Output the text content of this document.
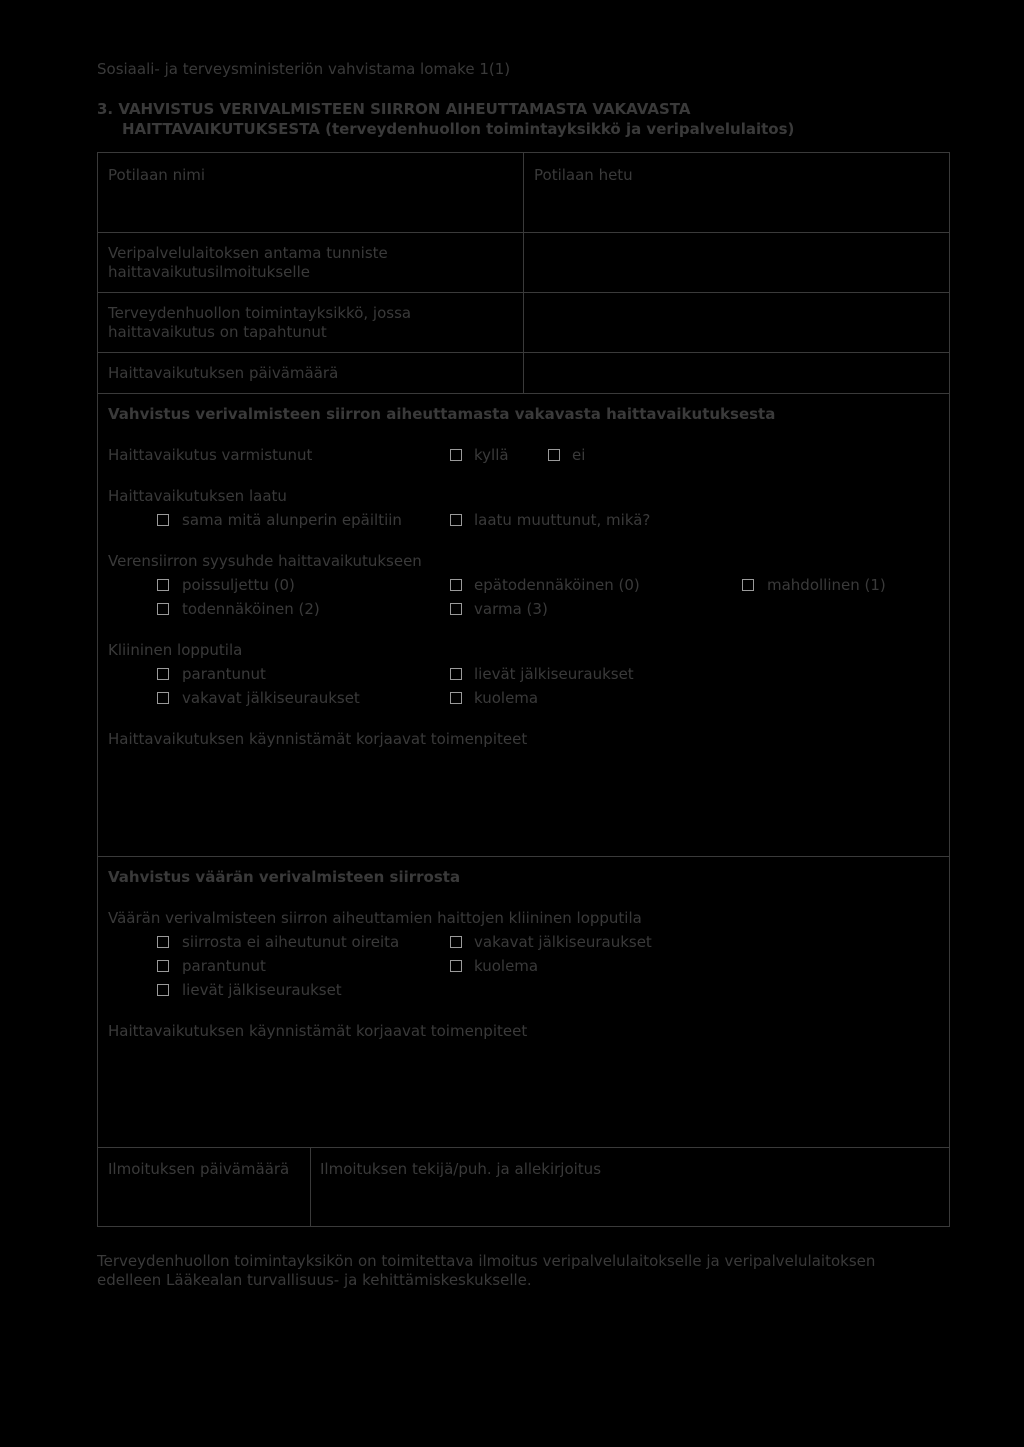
Sosiaali- ja terveysministeriön vahvistama lomake 1(1)
3. VAHVISTUS VERIVALMISTEEN SIIRRON AIHEUTTAMASTA VAKAVASTA
HAITTAVAIKUTUKSESTA (terveydenhuollon toimintayksikkö ja veripalvelulaitos)
Potilaan nimi	Potilaan hetu
Veripalvelulaitoksen antama tunniste
haittavaikutusilmoitukselle
Terveydenhuollon toimintayksikkö, jossa
haittavaikutus on tapahtunut
Haittavaikutuksen päivämäärä
Vahvistus verivalmisteen siirron aiheuttamasta vakavasta haittavaikutuksesta
Haittavaikutus varmistunut	kyllä	ei
Haittavaikutuksen laatu
sama mitä alunperin epäiltiin	laatu muuttunut, mikä?
Verensiirron syysuhde haittavaikutukseen
poissuljettu (0)	epätodennäköinen (0)	mahdollinen (1)
todennäköinen (2)	varma (3)
Kliininen lopputila
parantunut	lievät jälkiseuraukset
vakavat jälkiseuraukset	kuolema
Haittavaikutuksen käynnistämät korjaavat toimenpiteet
Vahvistus väärän verivalmisteen siirrosta
Väärän verivalmisteen siirron aiheuttamien haittojen kliininen lopputila
siirrosta ei aiheutunut oireita	vakavat jälkiseuraukset
parantunut	kuolema
lievät jälkiseuraukset
Haittavaikutuksen käynnistämät korjaavat toimenpiteet
Ilmoituksen päivämäärä Ilmoituksen tekijä/puh. ja allekirjoitus
Terveydenhuollon toimintayksikön on toimitettava ilmoitus veripalvelulaitokselle ja veripalvelulaitoksen
edelleen Lääkealan turvallisuus- ja kehittämiskeskukselle.
